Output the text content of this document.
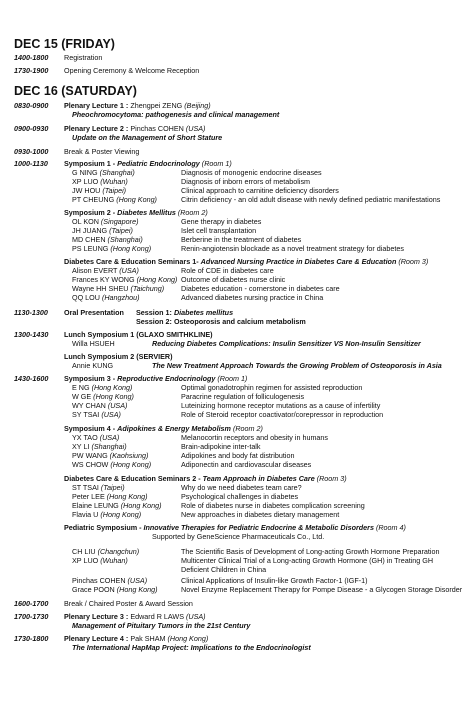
DEC 15 (FRIDAY)
1400-1800 Registration
1730-1900 Opening Ceremony & Welcome Reception
DEC 16 (SATURDAY)
0830-0900 Plenary Lecture 1 : Zhengpei ZENG (Beijing)
Pheochromocytoma: pathogenesis and clinical management
0900-0930 Plenary Lecture 2 : Pinchas COHEN (USA)
Update on the Management of Short Stature
0930-1000 Break & Poster Viewing
1000-1130 Symposium 1 - Pediatric Endocrinology (Room 1)
G NING (Shanghai)	Diagnosis of monogenic endocrine diseases
XP LUO (Wuhan)	Diagnosis of inborn errors of metabolism
JW HOU (Taipei)	Clinical approach to carnitine deficiency disorders
PT CHEUNG (Hong Kong)	Citrin deficiency - an old adult disease with newly defined pediatric manifestations
Symposium 2 - Diabetes Mellitus (Room 2)
OL KON (Singapore)	Gene therapy in diabetes
JH JUANG (Taipei)	Islet cell transplantation
MD CHEN (Shanghai)	Berberine in the treatment of diabetes
PS LEUNG (Hong Kong)	Renin-angiotensin blockade as a novel treatment strategy for diabetes
Diabetes Care & Education Seminars 1- Advanced Nursing Practice in Diabetes Care & Education (Room 3)
Alison EVERT (USA)	Role of CDE in diabetes care
Frances KY WONG (Hong Kong) Outcome of diabetes nurse clinic
Wayne HH SHEU (Taichung) Diabetes education - cornerstone in diabetes care
QQ LOU (Hangzhou)	Advanced diabetes nursing practice in China
1130-1300 Oral Presentation Session 1: Diabetes mellitus
Session 2: Osteoporosis and calcium metabolism
1300-1430 Lunch Symposium 1 (GLAXO SMITHKLINE)
Willa HSUEH	Reducing Diabetes Complications: Insulin Sensitizer VS Non-Insulin Sensitizer
Lunch Symposium 2 (SERVIER)
Annie KUNG	The New Treatment Approach Towards the Growing Problem of Osteoporosis in Asia
1430-1600 Symposium 3 - Reproductive Endocrinology (Room 1)
E NG (Hong Kong)	Optimal gonadotrophin regimen for assisted reproduction
W GE (Hong Kong)	Paracrine regulation of folliculogenesis
WY CHAN (USA)	Luteinizing hormone receptor mutations as a cause of infertility
SY TSAI (USA)	Role of Steroid receptor coactivator/corepressor in reproduction
Symposium 4 - Adipokines & Energy Metabolism (Room 2)
YX TAO (USA)	Melanocortin receptors and obesity in humans
XY LI (Shanghai)	Brain-adipokine inter-talk
PW WANG (Kaohsiung)	Adipokines and body fat distribution
WS CHOW (Hong Kong)	Adiponectin and cardiovascular diseases
Diabetes Care & Education Seminars 2 - Team Approach in Diabetes Care (Room 3)
ST TSAI (Taipei)	Why do we need diabetes team care?
Peter LEE (Hong Kong)	Psychological challenges in diabetes
Elaine LEUNG (Hong Kong)	Role of diabetes nurse in diabetes complication screening
Flavia U (Hong Kong)	New approaches in diabetes dietary management
Pediatric Symposium - Innovative Therapies for Pediatric Endocrine & Metabolic Disorders (Room 4)
Supported by GeneScience Pharmaceuticals Co., Ltd.
CH LIU (Changchun)	The Scientific Basis of Development of Long-acting Growth Hormone Preparation
XP LUO (Wuhan)	Multicenter Clinical Trial of a Long-acting Growth Hormone (GH) in Treating GH
Deficient Children in China
Pinchas COHEN (USA)	Clinical Applications of Insulin-like Growth Factor-1 (IGF-1)
Grace POON (Hong Kong)	Novel Enzyme Replacement Therapy for Pompe Disease - a Glycogen Storage Disorder
1600-1700 Break / Chaired Poster & Award Session
1700-1730 Plenary Lecture 3 : Edward R LAWS (USA)
Management of Pituitary Tumors in the 21st Century
1730-1800 Plenary Lecture 4 : Pak SHAM (Hong Kong)
The International HapMap Project: Implications to the Endocrinologist
